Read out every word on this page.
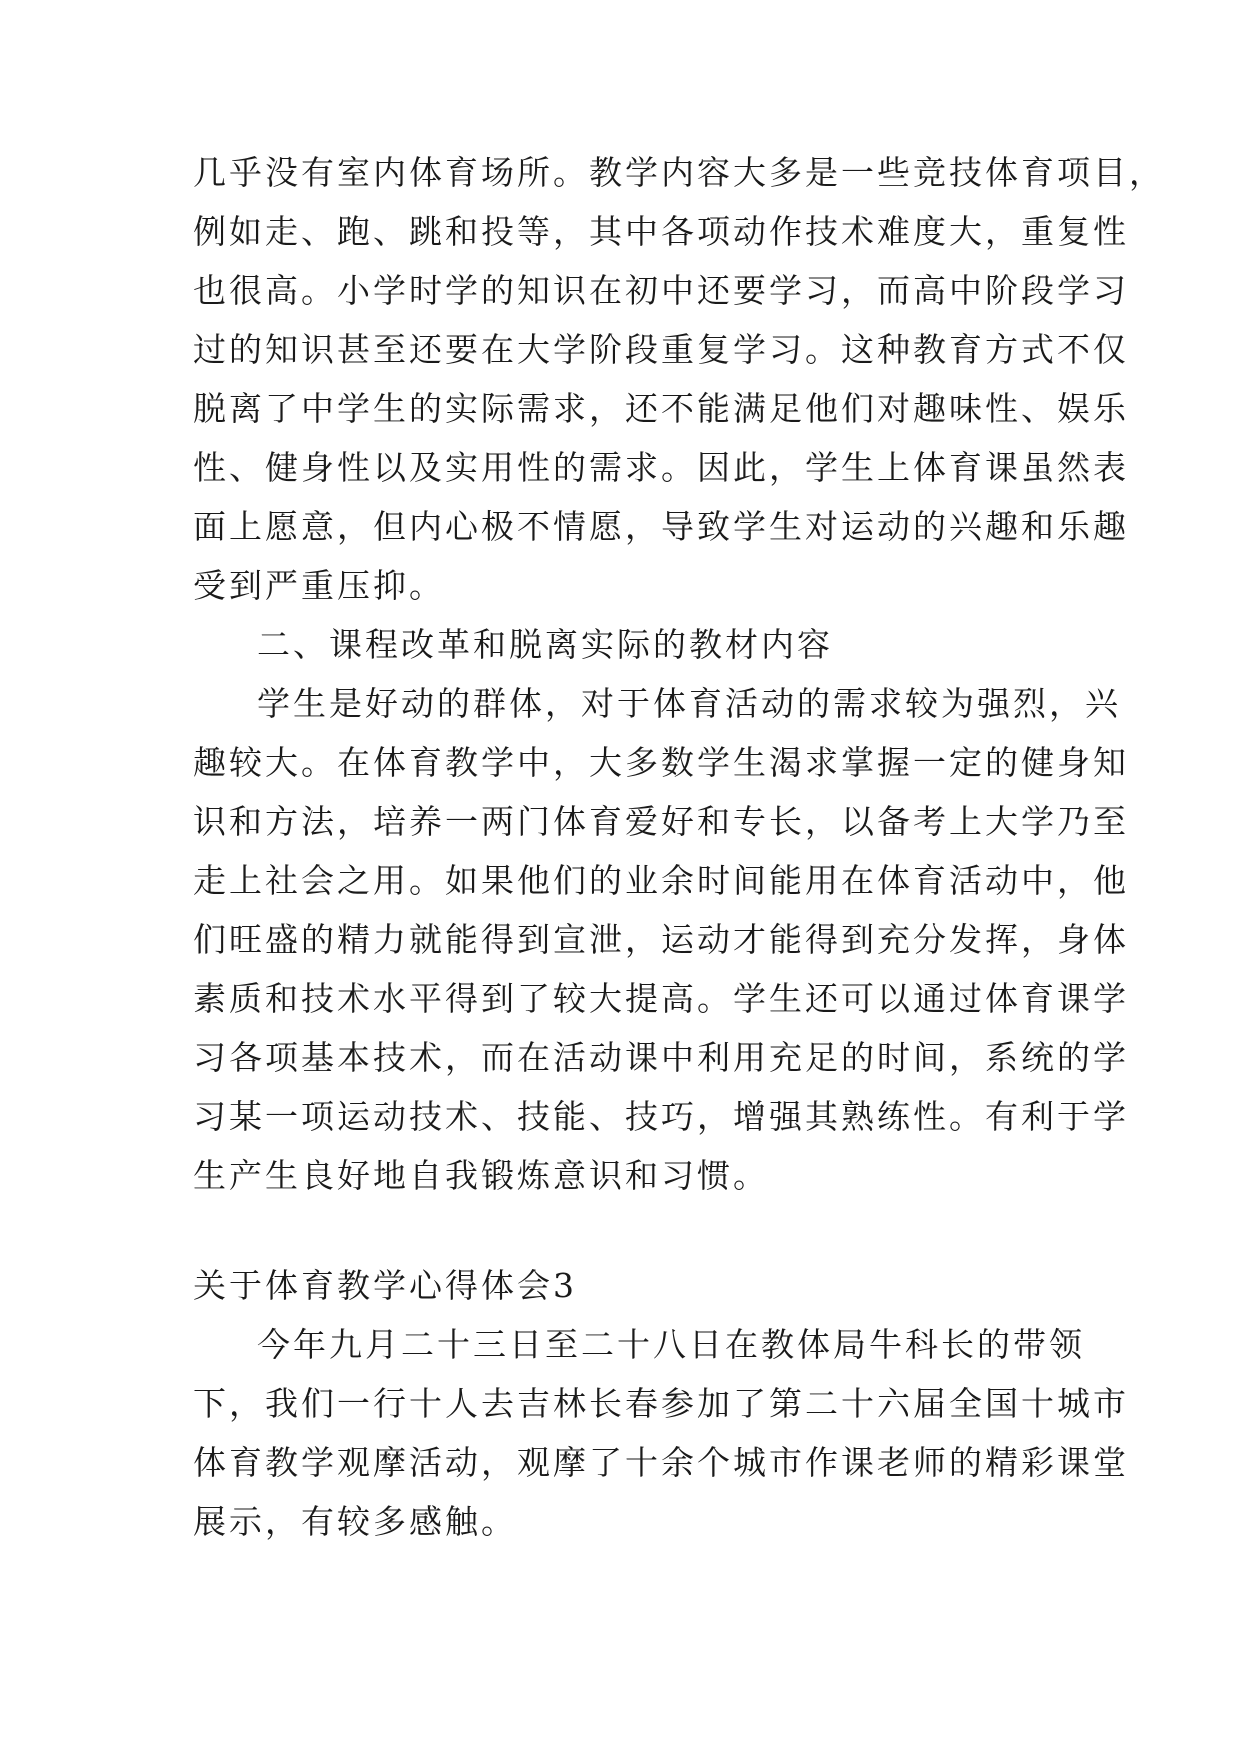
几乎没有室内体育场所。教学内容大多是一些竞技体育项目，
例如走、跑、跳和投等，其中各项动作技术难度大，重复性
也很高。小学时学的知识在初中还要学习，而高中阶段学习
过的知识甚至还要在大学阶段重复学习。这种教育方式不仅
脱离了中学生的实际需求，还不能满足他们对趣味性、娱乐
性、健身性以及实用性的需求。因此，学生上体育课虽然表
面上愿意，但内心极不情愿，导致学生对运动的兴趣和乐趣
受到严重压抑。
二、课程改革和脱离实际的教材内容
学生是好动的群体，对于体育活动的需求较为强烈，兴
趣较大。在体育教学中，大多数学生渴求掌握一定的健身知
识和方法，培养一两门体育爱好和专长，以备考上大学乃至
走上社会之用。如果他们的业余时间能用在体育活动中，他
们旺盛的精力就能得到宣泄，运动才能得到充分发挥，身体
素质和技术水平得到了较大提高。学生还可以通过体育课学
习各项基本技术，而在活动课中利用充足的时间，系统的学
习某一项运动技术、技能、技巧，增强其熟练性。有利于学
生产生良好地自我锻炼意识和习惯。
关于体育教学心得体会3
今年九月二十三日至二十八日在教体局牛科长的带领
下，我们一行十人去吉林长春参加了第二十六届全国十城市
体育教学观摩活动，观摩了十余个城市作课老师的精彩课堂
展示，有较多感触。
